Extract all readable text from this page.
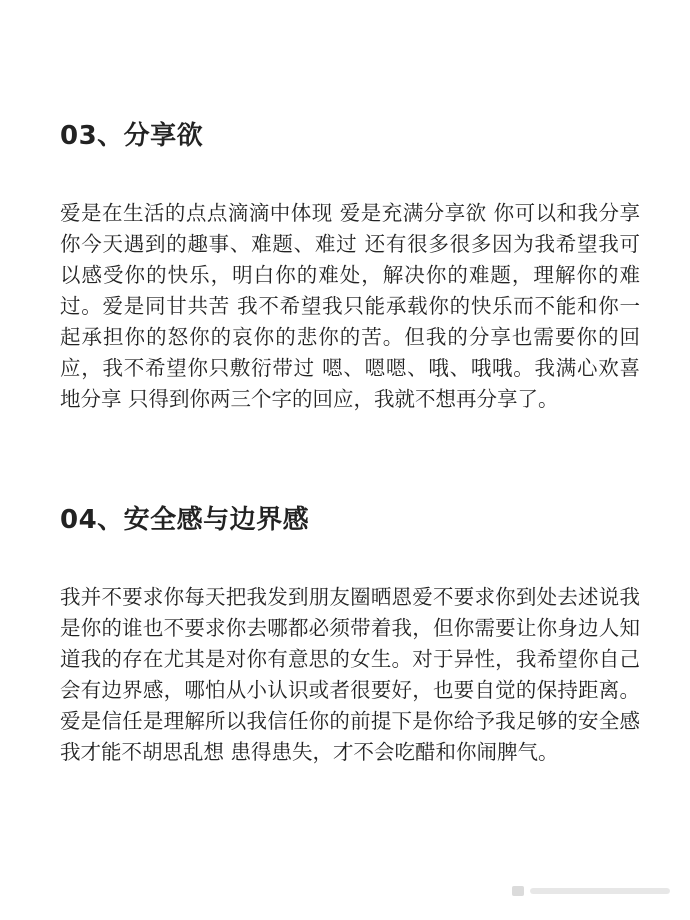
03、分享欲

爱是在生活的点点滴滴中体现 爱是充满分享欲 你可以和我分享你今天遇到的趣事、难题、难过 还有很多很多因为我希望我可以感受你的快乐，明白你的难处，解决你的难题，理解你的难过。爱是同甘共苦 我不希望我只能承载你的快乐而不能和你一起承担你的怒你的哀你的悲你的苦。但我的分享也需要你的回应，我不希望你只敷衍带过 嗯、嗯嗯、哦、哦哦。我满心欢喜地分享 只得到你两三个字的回应，我就不想再分享了。

04、安全感与边界感

我并不要求你每天把我发到朋友圈晒恩爱不要求你到处去述说我是你的谁也不要求你去哪都必须带着我，但你需要让你身边人知道我的存在尤其是对你有意思的女生。对于异性，我希望你自己会有边界感，哪怕从小认识或者很要好，也要自觉的保持距离。爱是信任是理解所以我信任你的前提下是你给予我足够的安全感我才能不胡思乱想 患得患失，才不会吃醋和你闹脾气。
